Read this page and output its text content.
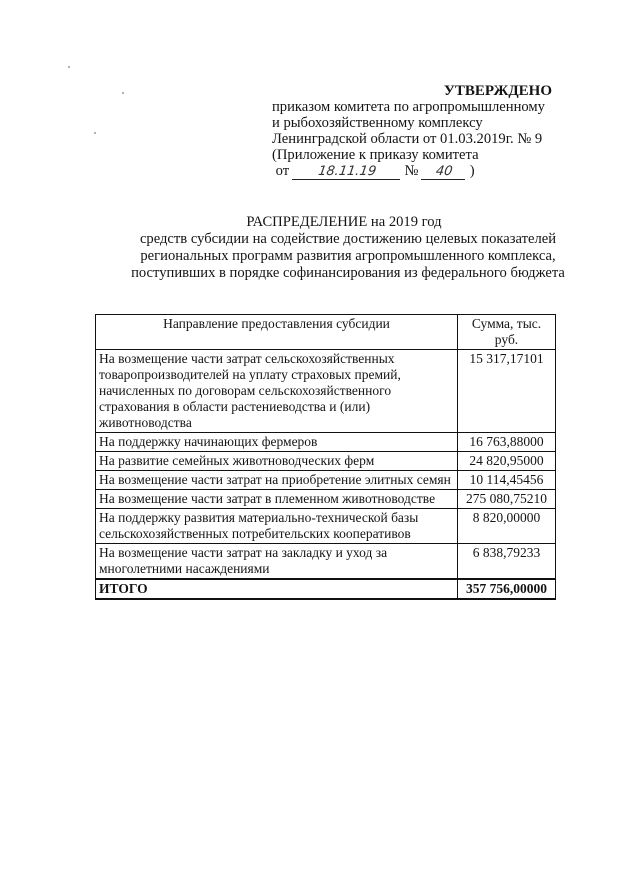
УТВЕРЖДЕНО
приказом комитета по агропромышленному
и рыбохозяйственному комплексу
Ленинградской области от 01.03.2019г. № 9
(Приложение к приказу комитета
от 18.11.19 № 40 )
РАСПРЕДЕЛЕНИЕ на 2019 год
средств субсидии на содействие достижению целевых показателей
региональных программ развития агропромышленного комплекса,
поступивших в порядке софинансирования из федерального бюджета
Направление предоставления субсидии	Сумма, тыс. руб.
На возмещение части затрат сельскохозяйственных товаропроизводителей на уплату страховых премий, начисленных по договорам сельскохозяйственного страхования в области растениеводства и (или) животноводства	15 317,17101
На поддержку начинающих фермеров	16 763,88000
На развитие семейных животноводческих ферм	24 820,95000
На возмещение части затрат на приобретение элитных семян	10 114,45456
На возмещение части затрат в племенном животноводстве	275 080,75210
На поддержку развития материально-технической базы сельскохозяйственных потребительских кооперативов	8 820,00000
На возмещение части затрат на закладку и уход за многолетними насаждениями	6 838,79233
ИТОГО	357 756,00000
